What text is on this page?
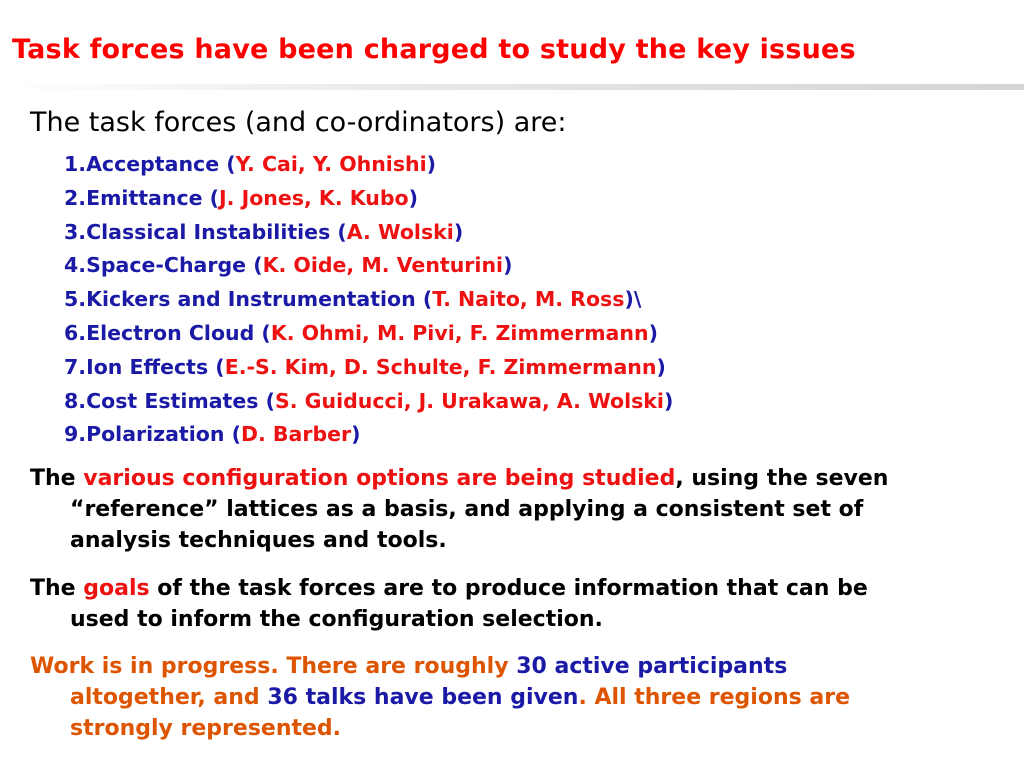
Task forces have been charged to study the key issues

The task forces (and co-ordinators) are:

1.Acceptance (Y. Cai, Y. Ohnishi)
2.Emittance (J. Jones, K. Kubo)
3.Classical Instabilities (A. Wolski)
4.Space-Charge (K. Oide, M. Venturini)
5.Kickers and Instrumentation (T. Naito, M. Ross)\
6.Electron Cloud (K. Ohmi, M. Pivi, F. Zimmermann)
7.Ion Effects (E.-S. Kim, D. Schulte, F. Zimmermann)
8.Cost Estimates (S. Guiducci, J. Urakawa, A. Wolski)
9.Polarization (D. Barber)
The various configuration options are being studied, using the seven
“reference” lattices as a basis, and applying a consistent set of
analysis techniques and tools.
The goals of the task forces are to produce information that can be
used to inform the configuration selection.
Work is in progress. There are roughly 30 active participants
altogether, and 36 talks have been given. All three regions are
strongly represented.
